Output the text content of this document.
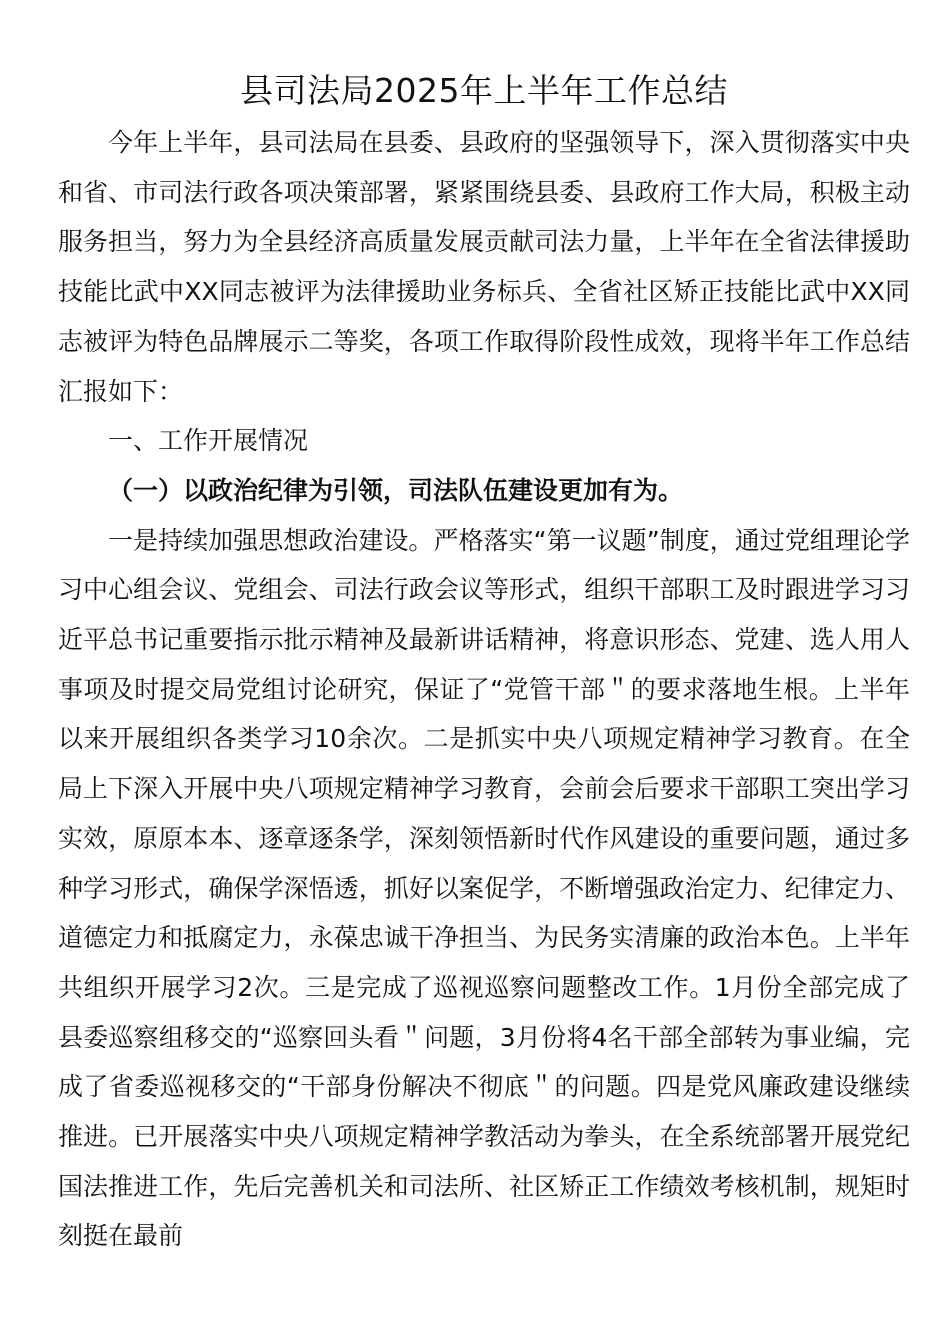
县司法局2025年上半年工作总结

今年上半年，县司法局在县委、县政府的坚强领导下，深入贯彻落实中央和省、市司法行政各项决策部署，紧紧围绕县委、县政府工作大局，积极主动服务担当，努力为全县经济高质量发展贡献司法力量，上半年在全省法律援助技能比武中XX同志被评为法律援助业务标兵、全省社区矫正技能比武中XX同志被评为特色品牌展示二等奖，各项工作取得阶段性成效，现将半年工作总结汇报如下：

一、工作开展情况

（一）以政治纪律为引领，司法队伍建设更加有为。

一是持续加强思想政治建设。严格落实“第一议题”制度，通过党组理论学习中心组会议、党组会、司法行政会议等形式，组织干部职工及时跟进学习习近平总书记重要指示批示精神及最新讲话精神，将意识形态、党建、选人用人事项及时提交局党组讨论研究，保证了“党管干部＂的要求落地生根。上半年以来开展组织各类学习10余次。二是抓实中央八项规定精神学习教育。在全局上下深入开展中央八项规定精神学习教育，会前会后要求干部职工突出学习实效，原原本本、逐章逐条学，深刻领悟新时代作风建设的重要问题，通过多种学习形式，确保学深悟透，抓好以案促学，不断增强政治定力、纪律定力、道德定力和抵腐定力，永葆忠诚干净担当、为民务实清廉的政治本色。上半年共组织开展学习2次。三是完成了巡视巡察问题整改工作。1月份全部完成了县委巡察组移交的“巡察回头看＂问题，3月份将4名干部全部转为事业编，完成了省委巡视移交的“干部身份解决不彻底＂的问题。四是党风廉政建设继续推进。已开展落实中央八项规定精神学教活动为拳头，在全系统部署开展党纪国法推进工作，先后完善机关和司法所、社区矫正工作绩效考核机制，规矩时刻挺在最前
